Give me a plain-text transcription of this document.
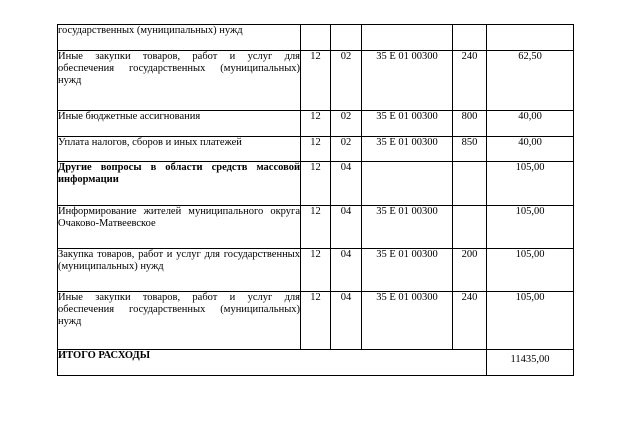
государственных (муниципальных) нужд					
Иные закупки товаров, работ и услуг для обеспечения государственных (муниципальных) нужд	12	02	35 Е 01 00300	240	62,50
Иные бюджетные ассигнования	12	02	35 Е 01 00300	800	40,00
Уплата налогов, сборов и иных платежей	12	02	35 Е 01 00300	850	40,00
Другие вопросы в области средств массовой информации	12	04			105,00
Информирование жителей муниципального округа Очаково-Матвеевское	12	04	35 Е 01 00300		105,00
Закупка товаров, работ и услуг для государственных (муниципальных) нужд	12	04	35 Е 01 00300	200	105,00
Иные закупки товаров, работ и услуг для обеспечения государственных (муниципальных) нужд	12	04	35 Е 01 00300	240	105,00
ИТОГО РАСХОДЫ					11435,00
